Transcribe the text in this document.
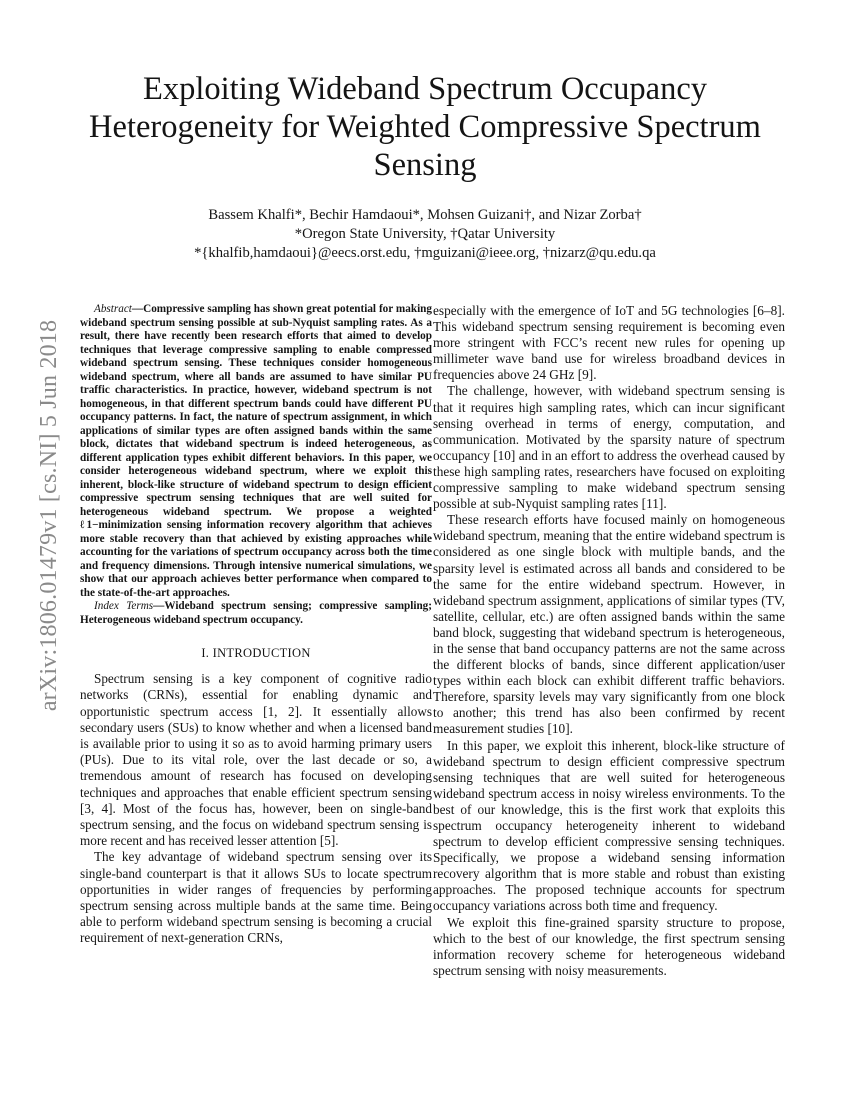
arXiv:1806.01479v1 [cs.NI] 5 Jun 2018
Exploiting Wideband Spectrum Occupancy
Heterogeneity for Weighted Compressive Spectrum
Sensing
Bassem Khalfi*, Bechir Hamdaoui*, Mohsen Guizani†, and Nizar Zorba†
*Oregon State University, †Qatar University
*{khalfib,hamdaoui}@eecs.orst.edu, †mguizani@ieee.org, †nizarz@qu.edu.qa

Abstract—Compressive sampling has shown great potential for making wideband spectrum sensing possible at sub-Nyquist sampling rates. As a result, there have recently been research efforts that aimed to develop techniques that leverage compressive sampling to enable compressed wideband spectrum sensing. These techniques consider homogeneous wideband spectrum, where all bands are assumed to have similar PU traffic characteristics. In practice, however, wideband spectrum is not homogeneous, in that different spectrum bands could have different PU occupancy patterns. In fact, the nature of spectrum assignment, in which applications of similar types are often assigned bands within the same block, dictates that wideband spectrum is indeed heterogeneous, as different application types exhibit different behaviors. In this paper, we consider heterogeneous wideband spectrum, where we exploit this inherent, block-like structure of wideband spectrum to design efficient compressive spectrum sensing techniques that are well suited for heterogeneous wideband spectrum. We propose a weighted ℓ1−minimization sensing information recovery algorithm that achieves more stable recovery than that achieved by existing approaches while accounting for the variations of spectrum occupancy across both the time and frequency dimensions. Through intensive numerical simulations, we show that our approach achieves better performance when compared to the state-of-the-art approaches.

Index Terms—Wideband spectrum sensing; compressive sampling; Heterogeneous wideband spectrum occupancy.

I. INTRODUCTION

Spectrum sensing is a key component of cognitive radio networks (CRNs), essential for enabling dynamic and opportunistic spectrum access [1, 2]. It essentially allows secondary users (SUs) to know whether and when a licensed band is available prior to using it so as to avoid harming primary users (PUs). Due to its vital role, over the last decade or so, a tremendous amount of research has focused on developing techniques and approaches that enable efficient spectrum sensing [3, 4]. Most of the focus has, however, been on single-band spectrum sensing, and the focus on wideband spectrum sensing is more recent and has received lesser attention [5].

The key advantage of wideband spectrum sensing over its single-band counterpart is that it allows SUs to locate spectrum opportunities in wider ranges of frequencies by performing spectrum sensing across multiple bands at the same time. Being able to perform wideband spectrum sensing is becoming a crucial requirement of next-generation CRNs,

especially with the emergence of IoT and 5G technologies [6–8]. This wideband spectrum sensing requirement is becoming even more stringent with FCC’s recent new rules for opening up millimeter wave band use for wireless broadband devices in frequencies above 24 GHz [9].

The challenge, however, with wideband spectrum sensing is that it requires high sampling rates, which can incur significant sensing overhead in terms of energy, computation, and communication. Motivated by the sparsity nature of spectrum occupancy [10] and in an effort to address the overhead caused by these high sampling rates, researchers have focused on exploiting compressive sampling to make wideband spectrum sensing possible at sub-Nyquist sampling rates [11].

These research efforts have focused mainly on homogeneous wideband spectrum, meaning that the entire wideband spectrum is considered as one single block with multiple bands, and the sparsity level is estimated across all bands and considered to be the same for the entire wideband spectrum. However, in wideband spectrum assignment, applications of similar types (TV, satellite, cellular, etc.) are often assigned bands within the same band block, suggesting that wideband spectrum is heterogeneous, in the sense that band occupancy patterns are not the same across the different blocks of bands, since different application/user types within each block can exhibit different traffic behaviors. Therefore, sparsity levels may vary significantly from one block to another; this trend has also been confirmed by recent measurement studies [10].

In this paper, we exploit this inherent, block-like structure of wideband spectrum to design efficient compressive spectrum sensing techniques that are well suited for heterogeneous wideband spectrum access in noisy wireless environments. To the best of our knowledge, this is the first work that exploits this spectrum occupancy heterogeneity inherent to wideband spectrum to develop efficient compressive sensing techniques. Specifically, we propose a wideband sensing information recovery algorithm that is more stable and robust than existing approaches. The proposed technique accounts for spectrum occupancy variations across both time and frequency.

We exploit this fine-grained sparsity structure to propose, which to the best of our knowledge, the first spectrum sensing information recovery scheme for heterogeneous wideband spectrum sensing with noisy measurements.
